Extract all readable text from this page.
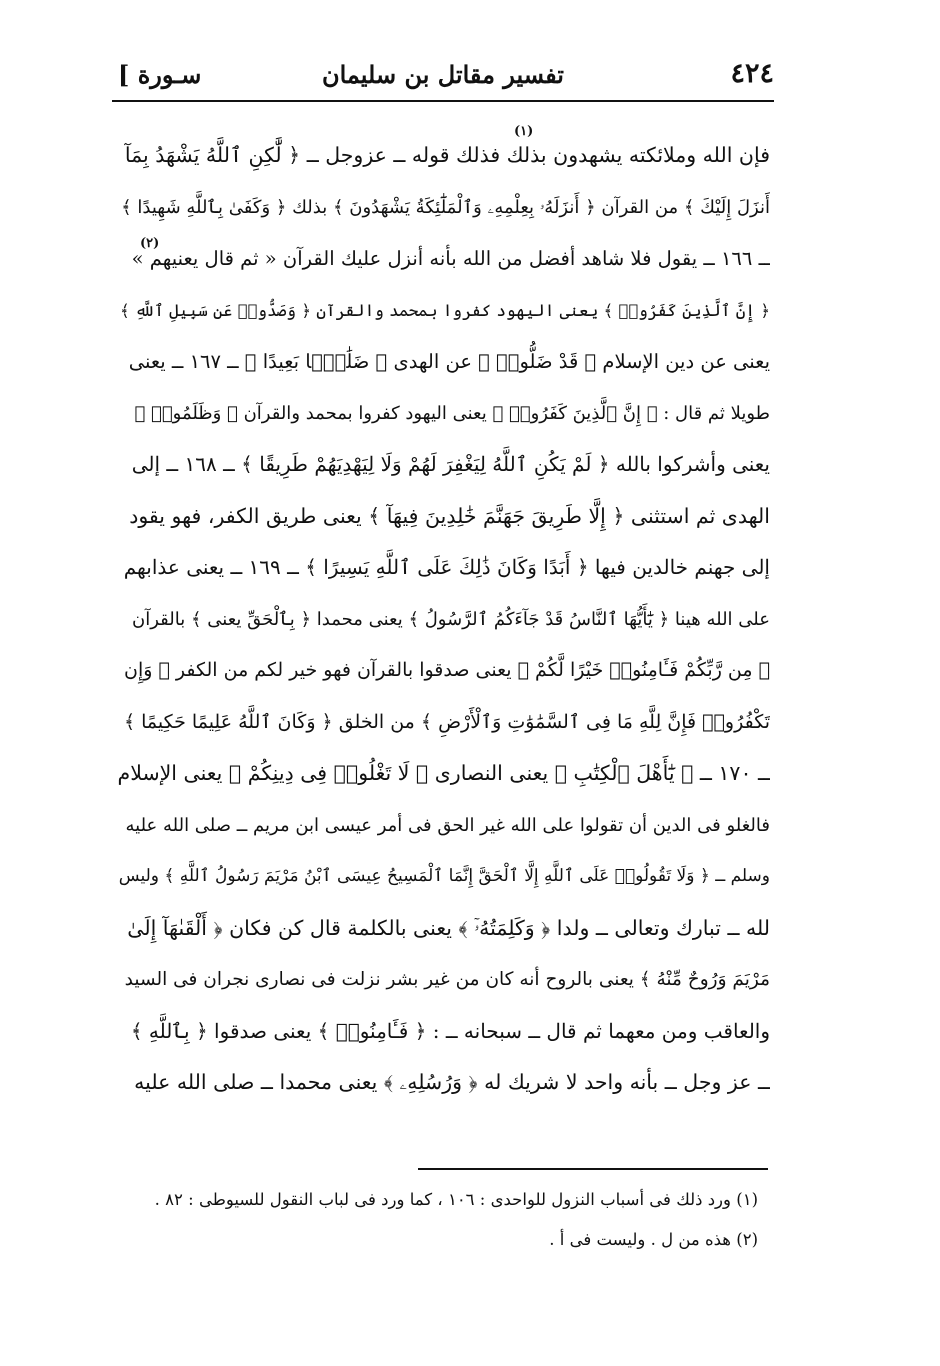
٤٢٤
تفسير مقاتل بن سليمان
سـورة ]
(١)
(٢)
فإن الله وملائكته يشهدون بذلك فذلك قوله ــ عزوجل ــ ﴿ لَّٰكِنِ ٱللَّهُ يَشْهَدُ بِمَآ
أَنزَلَ إِلَيْكَ ﴾ من القرآن ﴿ أَنزَلَهُۥ بِعِلْمِهِۦ وَٱلْمَلَٰٓئِكَةُ يَشْهَدُونَ ﴾ بذلك ﴿ وَكَفَىٰ بِٱللَّهِ شَهِيدًا ﴾
ــ ١٦٦ ــ يقول فلا شاهد أفضل من الله بأنه أنزل عليك القرآن « ثم قال يعنيهم »
﴿ إِنَّ ٱلَّذِينَ كَفَرُوا۟ ﴾ يعنى اليهود كفروا بمحمد والقرآن ﴿ وَصَدُّوا۟ عَن سَبِيلِ ٱللَّهِ ﴾
يعنى عن دين الإسلام ﴿ قَدْ ضَلُّوا۟ ﴾ عن الهدى ﴿ ضَلَٰلًۢا بَعِيدًا ﴾ ــ ١٦٧ ــ يعنى
طويلا ثم قال : ﴿ إِنَّ ٱلَّذِينَ كَفَرُوا۟ ﴾ يعنى اليهود كفروا بمحمد والقرآن ﴿ وَظَلَمُوا۟ ﴾
يعنى وأشركوا بالله ﴿ لَمْ يَكُنِ ٱللَّهُ لِيَغْفِرَ لَهُمْ وَلَا لِيَهْدِيَهُمْ طَرِيقًا ﴾ ــ ١٦٨ ــ إلى
الهدى ثم استثنى ﴿ إِلَّا طَرِيقَ جَهَنَّمَ خَٰلِدِينَ فِيهَآ ﴾ يعنى طريق الكفر، فهو يقود
إلى جهنم خالدين فيها ﴿ أَبَدًا وَكَانَ ذَٰلِكَ عَلَى ٱللَّهِ يَسِيرًا ﴾ ــ ١٦٩ ــ يعنى عذابهم
على الله هينا ﴿ يَٰٓأَيُّهَا ٱلنَّاسُ قَدْ جَآءَكُمُ ٱلرَّسُولُ ﴾ يعنى محمدا ﴿ بِٱلْحَقِّ يعنى ﴾ بالقرآن
﴿ مِن رَّبِّكُمْ فَـَٔامِنُوا۟ خَيْرًا لَّكُمْ ﴾ يعنى صدقوا بالقرآن فهو خير لكم من الكفر ﴿ وَإِن
تَكْفُرُوا۟ فَإِنَّ لِلَّهِ مَا فِى ٱلسَّمَٰوَٰتِ وَٱلْأَرْضِ ﴾ من الخلق ﴿ وَكَانَ ٱللَّهُ عَلِيمًا حَكِيمًا ﴾
ــ ١٧٠ ــ ﴿ يَٰٓأَهْلَ ٱلْكِتَٰبِ ﴾ يعنى النصارى ﴿ لَا تَغْلُوا۟ فِى دِينِكُمْ ﴾ يعنى الإسلام
فالغلو فى الدين أن تقولوا على الله غير الحق فى أمر عيسى ابن مريم ــ صلى الله عليه
وسلم ــ ﴿ وَلَا تَقُولُوا۟ عَلَى ٱللَّهِ إِلَّا ٱلْحَقَّ إِنَّمَا ٱلْمَسِيحُ عِيسَى ٱبْنُ مَرْيَمَ رَسُولُ ٱللَّهِ ﴾ وليس
لله ــ تبارك وتعالى ــ ولدا ﴿ وَكَلِمَتُهُۥٓ ﴾ يعنى بالكلمة قال كن فكان ﴿ أَلْقَىٰهَآ إِلَىٰ
مَرْيَمَ وَرُوحٌ مِّنْهُ ﴾ يعنى بالروح أنه كان من غير بشر نزلت فى نصارى نجران فى السيد
والعاقب ومن معهما ثم قال ــ سبحانه ــ : ﴿ فَـَٔامِنُوا۟ ﴾ يعنى صدقوا ﴿ بِٱللَّهِ ﴾
ــ عز وجل ــ بأنه واحد لا شريك له ﴿ وَرُسُلِهِۦ ﴾ يعنى محمدا ــ صلى الله عليه
(١) ورد ذلك فى أسباب النزول للواحدى : ١٠٦ ، كما ورد فى لباب النقول للسيوطى : ٨٢ .
(٢) هذه من ل . وليست فى أ .
